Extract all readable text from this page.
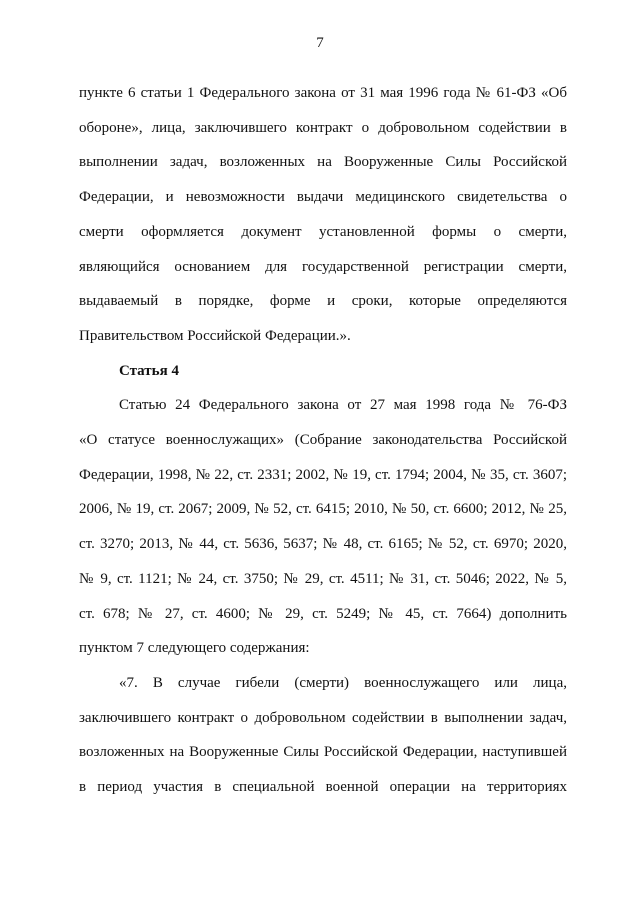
7
пункте 6 статьи 1 Федерального закона от 31 мая 1996 года № 61-ФЗ «Об
обороне», лица, заключившего контракт о добровольном содействии в
выполнении задач, возложенных на Вооруженные Силы Российской
Федерации, и невозможности выдачи медицинского свидетельства о
смерти оформляется документ установленной формы о смерти,
являющийся основанием для государственной регистрации смерти,
выдаваемый в порядке, форме и сроки, которые определяются
Правительством Российской Федерации.».
Статья 4
Статью 24 Федерального закона от 27 мая 1998 года № 76-ФЗ
«О статусе военнослужащих» (Собрание законодательства Российской
Федерации, 1998, № 22, ст. 2331; 2002, № 19, ст. 1794; 2004, № 35, ст. 3607;
2006, № 19, ст. 2067; 2009, № 52, ст. 6415; 2010, № 50, ст. 6600; 2012, № 25,
ст. 3270; 2013, № 44, ст. 5636, 5637; № 48, ст. 6165; № 52, ст. 6970; 2020,
№ 9, ст. 1121; № 24, ст. 3750; № 29, ст. 4511; № 31, ст. 5046; 2022, № 5,
ст. 678; № 27, ст. 4600; № 29, ст. 5249; № 45, ст. 7664) дополнить
пунктом 7 следующего содержания:
«7. В случае гибели (смерти) военнослужащего или лица,
заключившего контракт о добровольном содействии в выполнении задач,
возложенных на Вооруженные Силы Российской Федерации, наступившей
в период участия в специальной военной операции на территориях
